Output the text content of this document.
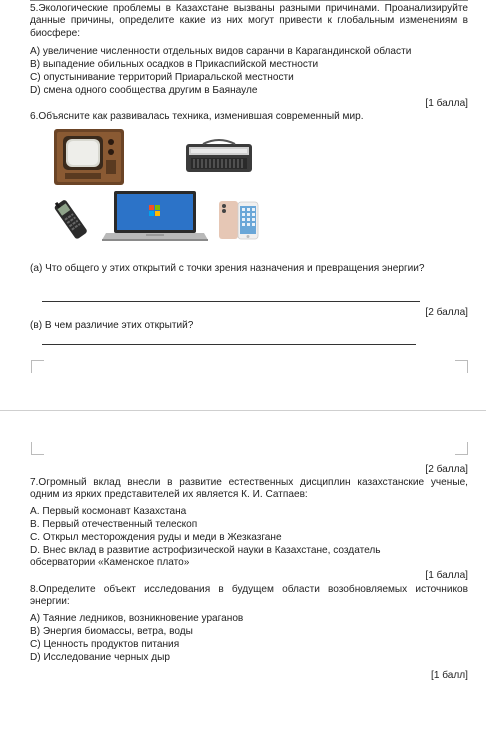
5.Экологические проблемы в Казахстане вызваны разными причинами. Проанализируйте данные причины, определите какие из них могут привести к глобальным изменениям в биосфере:
А) увеличение численности отдельных видов саранчи в Карагандинской области
В) выпадение обильных осадков в Прикаспийской местности
С) опустынивание территорий Приаральской местности
D) смена одного сообщества другим в Баянауле
[1 балла]
6.Объясните как развивалась техника, изменившая современный мир.
(а) Что общего у этих открытий с точки зрения назначения и превращения энергии?
[2 балла]
(в) В чем различие этих открытий?
[2 балла]
7.Огромный вклад внесли в развитие естественных дисциплин казахстанские ученые, одним из ярких представителей их является К. И. Сатпаев:
А. Первый космонавт Казахстана
В. Первый отечественный телескоп
С. Открыл месторождения руды и меди в Жезказгане
D. Внес вклад в развитие астрофизической науки в Казахстане, создатель обсерватории «Каменское плато»
[1 балла]
8.Определите объект исследования в будущем области возобновляемых источников энергии:
А) Таяние ледников, возникновение ураганов
В) Энергия биомассы, ветра, воды
С) Ценность продуктов питания
D) Исследование черных дыр
[1 балл]
